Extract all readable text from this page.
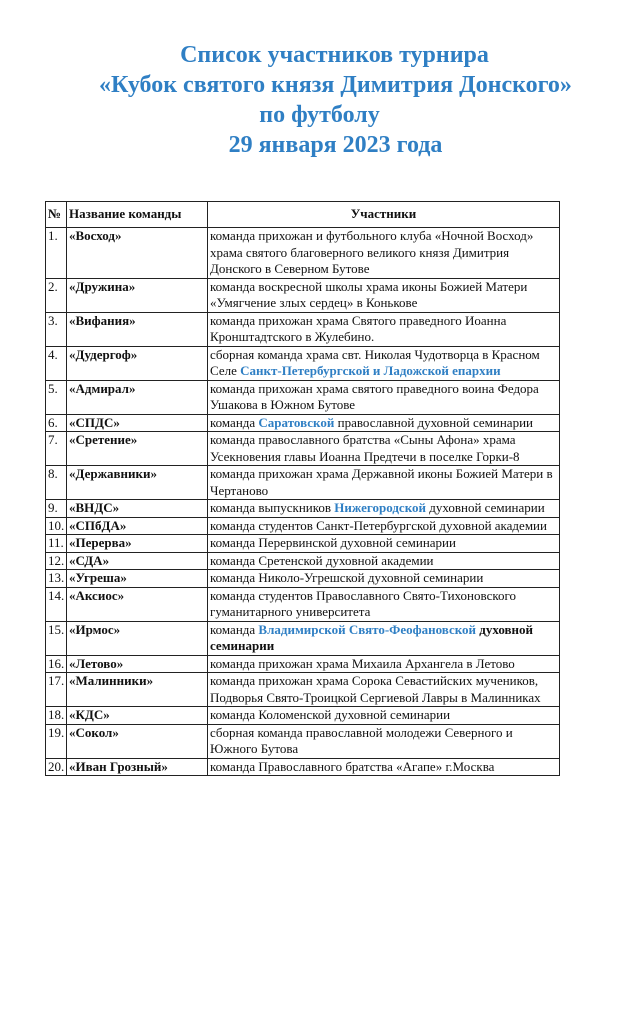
Список участников турнира
«Кубок святого князя Димитрия Донского»
по футболу
29 января 2023 года
№	Название команды	Участники
1.	«Восход»	команда прихожан и футбольного клуба «Ночной Восход» храма святого благоверного великого князя Димитрия Донского в Северном Бутове
2.	«Дружина»	команда воскресной школы храма иконы Божией Матери «Умягчение злых сердец» в Конькове
3.	«Вифания»	команда прихожан храма Святого праведного Иоанна Кронштадтского в Жулебино.
4.	«Дудергоф»	сборная команда храма свт. Николая Чудотворца в Красном Селе Санкт-Петербургской и Ладожской епархии
5.	«Адмирал»	команда прихожан храма святого праведного воина Федора Ушакова в Южном Бутове
6.	«СПДС»	команда Саратовской православной духовной семинарии
7.	«Сретение»	команда православного братства «Сыны Афона» храма Усекновения главы Иоанна Предтечи в поселке Горки-8
8.	«Державники»	команда прихожан храма Державной иконы Божией Матери в Чертаново
9.	«ВНДС»	команда выпускников Нижегородской духовной семинарии
10.	«СПбДА»	команда студентов Санкт-Петербургской духовной академии
11.	«Перерва»	команда Перервинской духовной семинарии
12.	«СДА»	команда Сретенской духовной академии
13.	«Угреша»	команда Николо-Угрешской духовной семинарии
14.	«Аксиос»	команда студентов Православного Свято-Тихоновского гуманитарного университета
15.	«Ирмос»	команда Владимирской Свято-Феофановской духовной семинарии
16.	«Летово»	команда прихожан храма Михаила Архангела в Летово
17.	«Малинники»	команда прихожан храма Сорока Севастийских мучеников, Подворья Свято-Троицкой Сергиевой Лавры в Малинниках
18.	«КДС»	команда Коломенской духовной семинарии
19.	«Сокол»	сборная команда православной молодежи Северного и Южного Бутова
20.	«Иван Грозный»	команда Православного братства «Агапе» г.Москва
